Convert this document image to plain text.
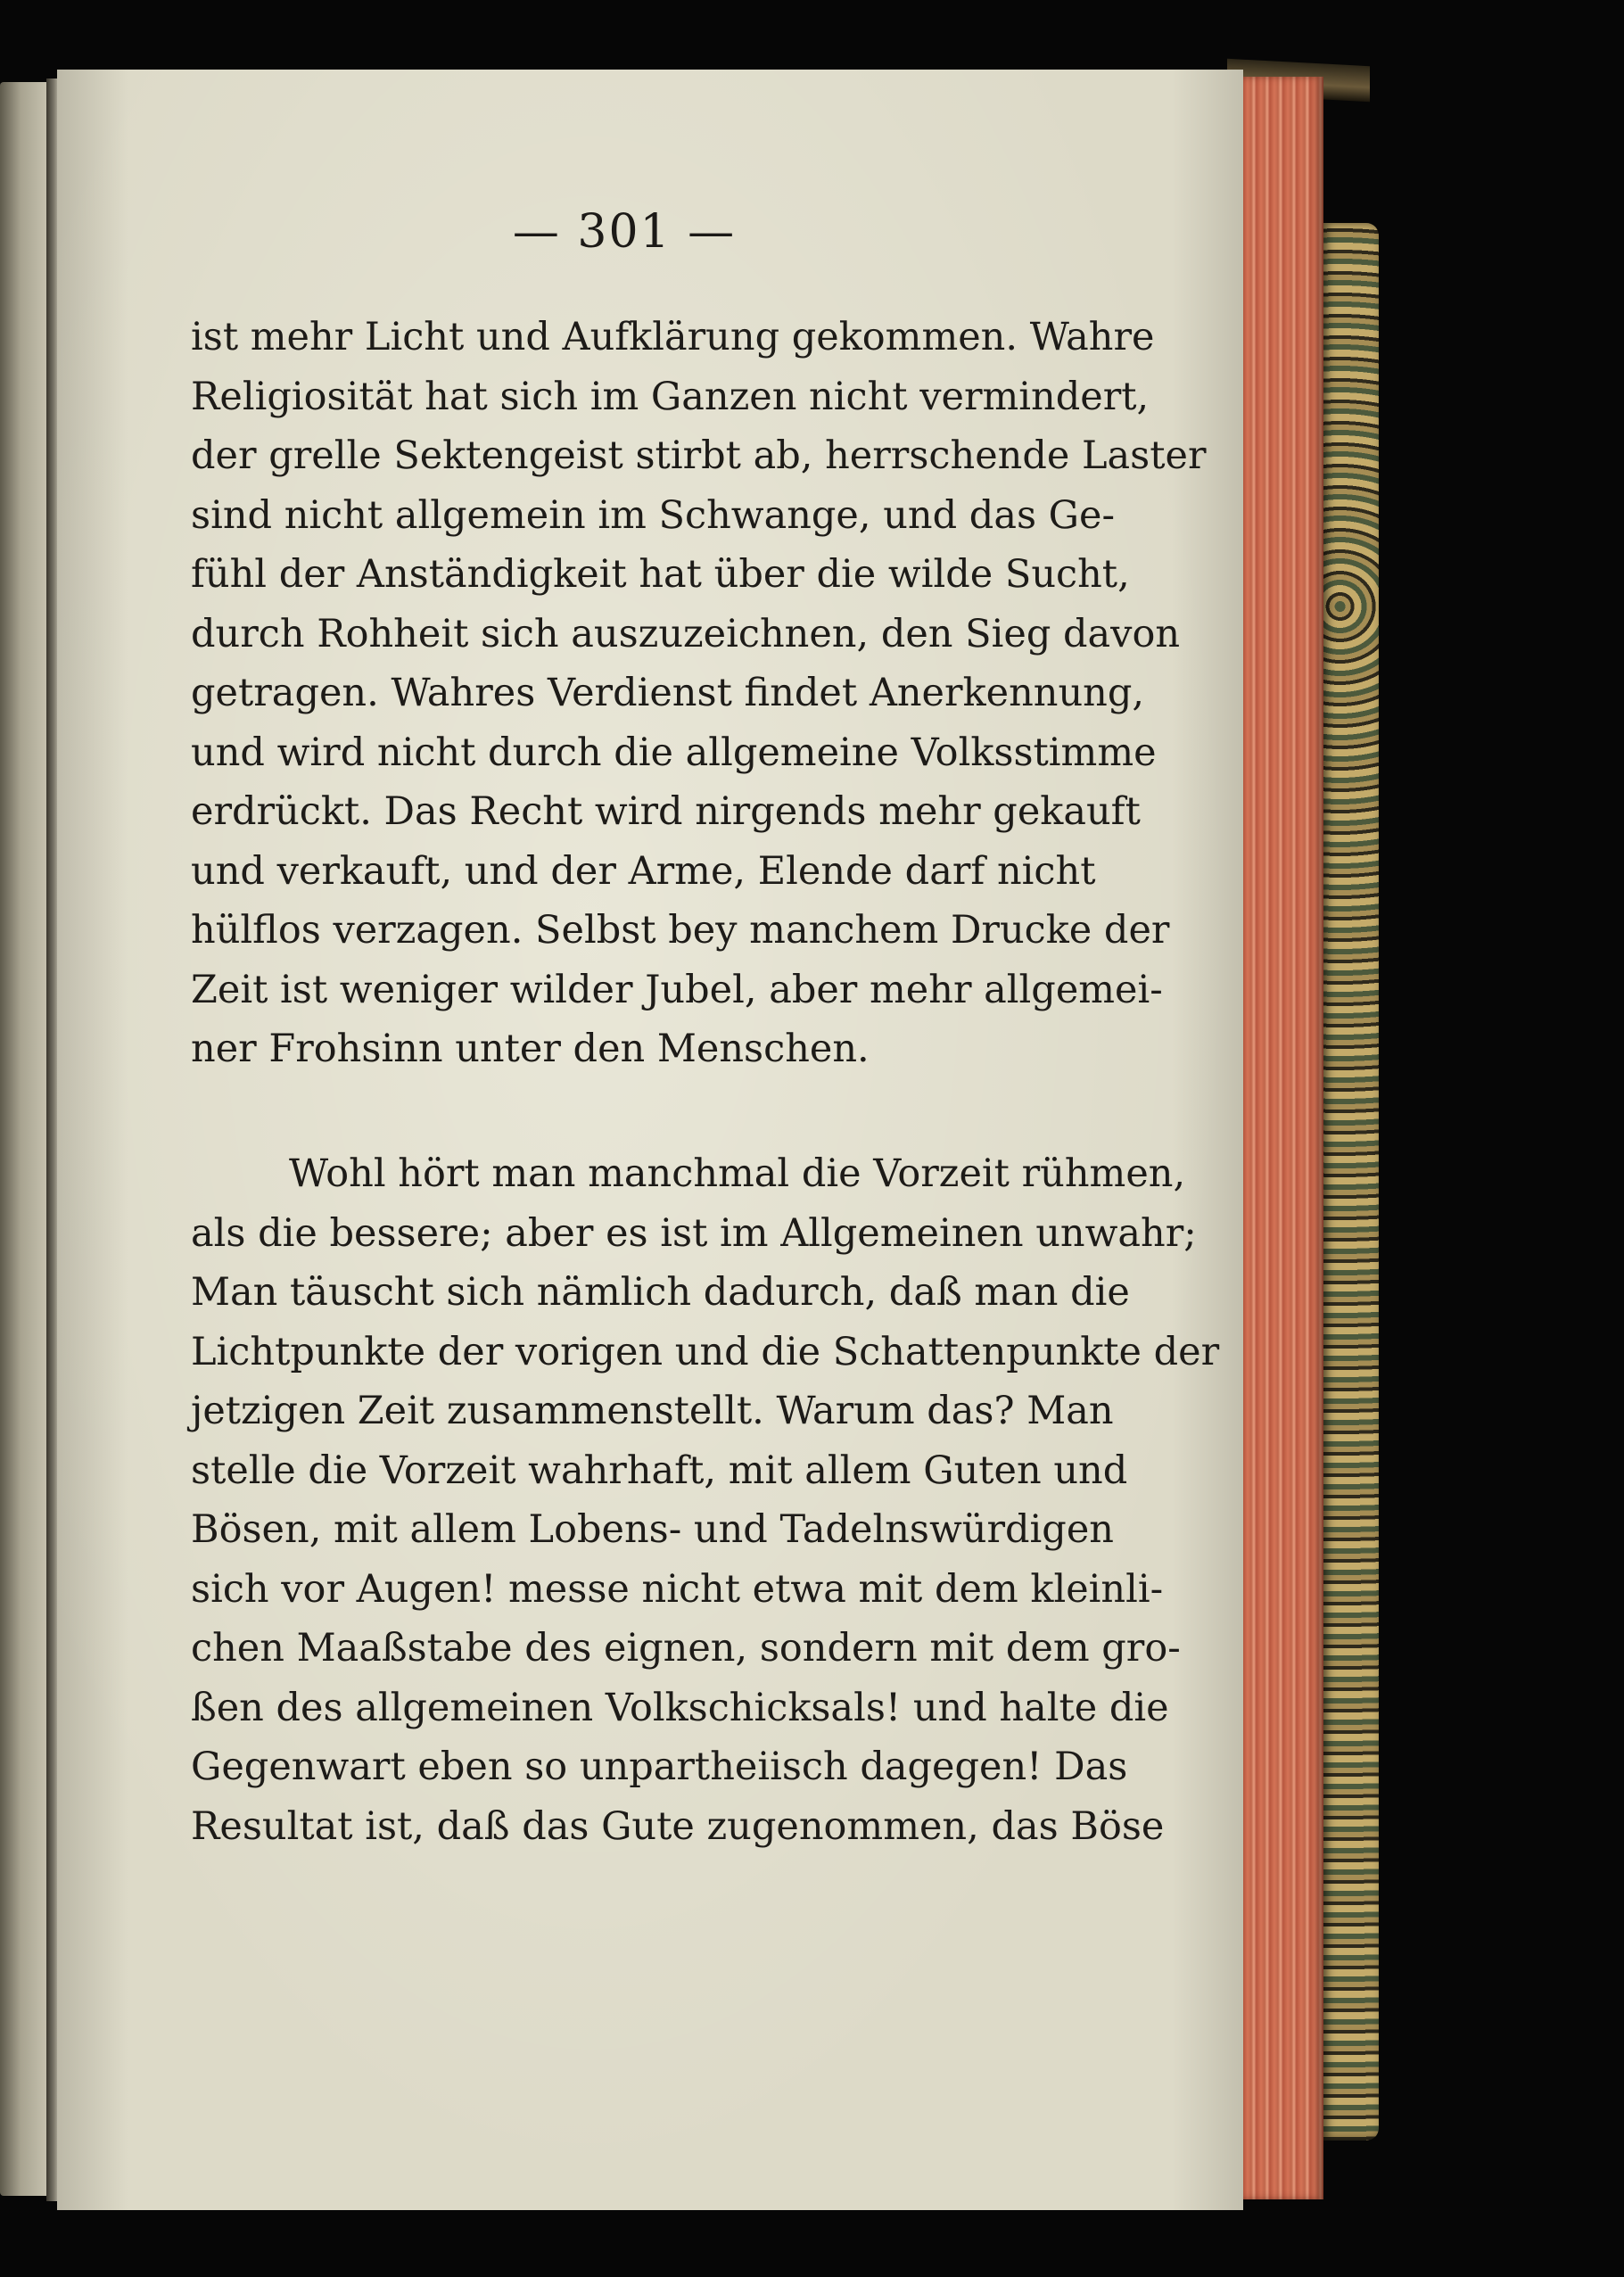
— 301 —
ist mehr Licht und Aufklärung gekommen. Wahre
Religiosität hat sich im Ganzen nicht vermindert,
der grelle Sektengeist stirbt ab, herrschende Laster
sind nicht allgemein im Schwange, und das Ge-
fühl der Anständigkeit hat über die wilde Sucht,
durch Rohheit sich auszuzeichnen, den Sieg davon
getragen. Wahres Verdienst findet Anerkennung,
und wird nicht durch die allgemeine Volksstimme
erdrückt. Das Recht wird nirgends mehr gekauft
und verkauft, und der Arme, Elende darf nicht
hülflos verzagen. Selbst bey manchem Drucke der
Zeit ist weniger wilder Jubel, aber mehr allgemei-
ner Frohsinn unter den Menschen.
Wohl hört man manchmal die Vorzeit rühmen,
als die bessere; aber es ist im Allgemeinen unwahr;
Man täuscht sich nämlich dadurch, daß man die
Lichtpunkte der vorigen und die Schattenpunkte der
jetzigen Zeit zusammenstellt. Warum das? Man
stelle die Vorzeit wahrhaft, mit allem Guten und
Bösen, mit allem Lobens- und Tadelnswürdigen
sich vor Augen! messe nicht etwa mit dem kleinli-
chen Maaßstabe des eignen, sondern mit dem gro-
ßen des allgemeinen Volkschicksals! und halte die
Gegenwart eben so unpartheiisch dagegen! Das
Resultat ist, daß das Gute zugenommen, das Böse
